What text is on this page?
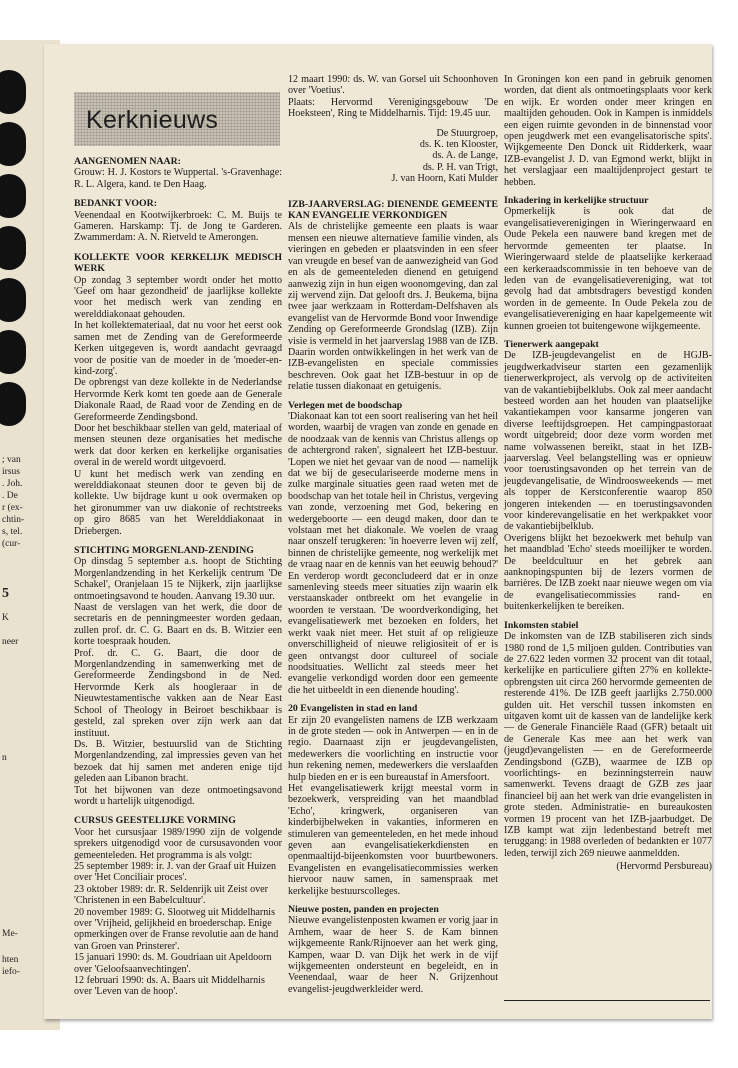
; van
irsus
. Joh.
. De
r (ex-
chtin-
s, tel.
(cur-
5
K
neer
n
Me-
hten
iefo-
Kerknieuws
AANGENOMEN NAAR:

Grouw: H. J. Kostors te Wuppertal. 's-Gravenhage: R. L. Algera, kand. te Den Haag.

BEDANKT VOOR:

Veenendaal en Kootwijkerbroek: C. M. Buijs te Gameren. Harskamp: Tj. de Jong te Garderen. Zwammerdam: A. N. Rietveld te Amerongen.

KOLLEKTE VOOR KERKELIJK MEDISCH WERK

Op zondag 3 september wordt onder het motto 'Geef om haar gezondheid' de jaarlijkse kollekte voor het medisch werk van zending en werelddiakonaat gehouden.

In het kollektemateriaal, dat nu voor het eerst ook samen met de Zending van de Gereformeerde Kerken uitgegeven is, wordt aandacht gevraagd voor de positie van de moeder in de 'moeder-en-kind-zorg'.

De opbrengst van deze kollekte in de Nederlandse Hervormde Kerk komt ten goede aan de Generale Diakonale Raad, de Raad voor de Zending en de Gereformeerde Zendingsbond.

Door het beschikbaar stellen van geld, materiaal of mensen steunen deze organisaties het medische werk dat door kerken en kerkelijke organisaties overal in de wereld wordt uitgevoerd.

U kunt het medisch werk van zending en werelddiakonaat steunen door te geven bij de kollekte. Uw bijdrage kunt u ook overmaken op het gironummer van uw diakonie of rechtstreeks op giro 8685 van het Werelddiakonaat in Driebergen.

STICHTING MORGENLAND-ZENDING

Op dinsdag 5 september a.s. hoopt de Stichting Morgenlandzending in het Kerkelijk centrum 'De Schakel', Oranjelaan 15 te Nijkerk, zijn jaarlijkse ontmoetingsavond te houden. Aanvang 19.30 uur.

Naast de verslagen van het werk, die door de secretaris en de penningmeester worden gedaan, zullen prof. dr. C. G. Baart en ds. B. Witzier een korte toespraak houden.

Prof. dr. C. G. Baart, die door de Morgenlandzending in samenwerking met de Gereformeerde Zendingsbond in de Ned. Hervormde Kerk als hoogleraar in de Nieuwtestamentische vakken aan de Near East School of Theology in Beiroet beschikbaar is gesteld, zal spreken over zijn werk aan dat instituut.

Ds. B. Witzier, bestuurslid van de Stichting Morgenlandzending, zal impressies geven van het bezoek dat hij samen met anderen enige tijd geleden aan Libanon bracht.

Tot het bijwonen van deze ontmoetingsavond wordt u hartelijk uitgenodigd.

CURSUS GEESTELIJKE VORMING

Voor het cursusjaar 1989/1990 zijn de volgende sprekers uitgenodigd voor de cursusavonden voor gemeenteleden. Het programma is als volgt:

25 september 1989: ir. J. van der Graaf uit Huizen over 'Het Conciliair proces'.

23 oktober 1989: dr. R. Seldenrijk uit Zeist over 'Christenen in een Babelcultuur'.

20 november 1989: G. Slootweg uit Middelharnis over 'Vrijheid, gelijkheid en broederschap. Enige opmerkingen over de Franse revolutie aan de hand van Groen van Prinsterer'.

15 januari 1990: ds. M. Goudriaan uit Apeldoorn over 'Geloofsaanvechtingen'.

12 februari 1990: ds. A. Baars uit Middelharnis over 'Leven van de hoop'.

12 maart 1990: ds. W. van Gorsel uit Schoonhoven over 'Voetius'.

Plaats: Hervormd Verenigingsgebouw 'De Hoeksteen', Ring te Middelharnis. Tijd: 19.45 uur.

De Stuurgroep,
ds. K. ten Klooster,
ds. A. de Lange,
ds. P. H. van Trigt,
J. van Hoorn, Kati Mulder
IZB-JAARVERSLAG: DIENENDE GEMEENTE KAN EVANGELIE VERKONDIGEN

Als de christelijke gemeente een plaats is waar mensen een nieuwe alternatieve familie vinden, als vieringen en gebeden er plaatsvinden in een sfeer van vreugde en besef van de aanwezigheid van God en als de gemeenteleden dienend en getuigend aanwezig zijn in hun eigen woonomgeving, dan zal zij wervend zijn. Dat gelooft drs. J. Beukema, bijna twee jaar werkzaam in Rotterdam-Delfshaven als evangelist van de Hervormde Bond voor Inwendige Zending op Gereformeerde Grondslag (IZB). Zijn visie is vermeld in het jaarverslag 1988 van de IZB. Daarin worden ontwikkelingen in het werk van de IZB-evangelisten en speciale commissies beschreven. Ook gaat het IZB-bestuur in op de relatie tussen diakonaat en getuigenis.

Verlegen met de boodschap

'Diakonaat kan tot een soort realisering van het heil worden, waarbij de vragen van zonde en genade en de noodzaak van de kennis van Christus allengs op de achtergrond raken', signaleert het IZB-bestuur. 'Lopen we niet het gevaar van de nood — namelijk dat we bij de geseculariseerde moderne mens in zulke marginale situaties geen raad weten met de boodschap van het totale heil in Christus, vergeving van zonde, verzoening met God, bekering en wedergeboorte — een deugd maken, door dan te volstaan met het diakonale. We voelen de vraag naar onszelf terugkeren: 'in hoeverre leven wij zelf, binnen de christelijke gemeente, nog werkelijk met de vraag naar en de kennis van het eeuwig behoud?' En verderop wordt geconcludeerd dat er in onze samenleving steeds meer situaties zijn waarin elk verstaanskader ontbreekt om het evangelie in woorden te verstaan. 'De woordverkondiging, het evangelisatiewerk met bezoeken en folders, het werkt vaak niet meer. Het stuit af op religieuze onverschilligheid of nieuwe religiositeit of er is geen ontvangst door cultureel of sociale noodsituaties. Wellicht zal steeds meer het evangelie verkondigd worden door een gemeente die het uitbeeldt in een dienende houding'.

20 Evangelisten in stad en land

Er zijn 20 evangelisten namens de IZB werkzaam in de grote steden — ook in Antwerpen — en in de regio. Daarnaast zijn er jeugdevangelisten, medewerkers die voorlichting en instructie voor hun rekening nemen, medewerkers die verslaafden hulp bieden en er is een bureaustaf in Amersfoort.

Het evangelisatiewerk krijgt meestal vorm in bezoekwerk, verspreiding van het maandblad 'Echo', kringwerk, organiseren van kinderbijbelweken in vakanties, informeren en stimuleren van gemeenteleden, en het mede inhoud geven aan evangelisatiekerkdiensten en openmaaltijd-bijeenkomsten voor buurtbewoners. Evangelisten en evangelisatiecommissies werken hiervoor nauw samen, in samenspraak met kerkelijke bestuurscolleges.

Nieuwe posten, panden en projecten

Nieuwe evangelistenposten kwamen er vorig jaar in Arnhem, waar de heer S. de Kam binnen wijkgemeente Rank/Rijnoever aan het werk ging, Kampen, waar D. van Dijk het werk in de vijf wijkgemeenten ondersteunt en begeleidt, en in Veenendaal, waar de heer N. Grijzenhout evangelist-jeugdwerkleider werd.

In Groningen kon een pand in gebruik genomen worden, dat dient als ontmoetingsplaats voor kerk en wijk. Er worden onder meer kringen en maaltijden gehouden. Ook in Kampen is inmiddels een eigen ruimte gevonden in de binnenstad voor open jeugdwerk met een evangelisatorische spits'. Wijkgemeente Den Donck uit Ridderkerk, waar IZB-evangelist J. D. van Egmond werkt, blijkt in het verslagjaar een maaltijdenproject gestart te hebben.

Inkadering in kerkelijke structuur

Opmerkelijk is ook dat de evangelisatieverenigingen in Wieringerwaard en Oude Pekela een nauwere band kregen met de hervormde gemeenten ter plaatse. In Wieringerwaard stelde de plaatselijke kerkeraad een kerkeraadscommissie in ten behoeve van de leden van de evangelisatievereniging, wat tot gevolg had dat ambtsdragers bevestigd konden worden in de gemeente. In Oude Pekela zou de evangelisatievereniging en haar kapelgemeente wit kunnen groeien tot buitengewone wijkgemeente.

Tienerwerk aangepakt

De IZB-jeugdevangelist en de HGJB-jeugdwerkadviseur starten een gezamenlijk tienerwerkproject, als vervolg op de activiteiten van de vakantiebijbelklubs. Ook zal meer aandacht besteed worden aan het houden van plaatselijke vakantiekampen voor kansarme jongeren van diverse leeftijdsgroepen. Het campingpastoraat wordt uitgebreid; door deze vorm worden met name volwassenen bereikt, staat in het IZB-jaarverslag. Veel belangstelling was er opnieuw voor toerustingsavonden op het terrein van de jeugdevangelisatie, de Windroosweekends — met als topper de Kerstconferentie waarop 850 jongeren intekenden — en toerustingsavonden voor kinderevangelisatie en het werkpakket voor de vakantiebijbelklub.

Overigens blijkt het bezoekwerk met behulp van het maandblad 'Echo' steeds moeilijker te worden. De beeldcultuur en het gebrek aan aanknopingspunten bij de lezers vormen de barrières. De IZB zoekt naar nieuwe wegen om via de evangelisatiecommissies rand- en buitenkerkelijken te bereiken.

Inkomsten stabiel

De inkomsten van de IZB stabiliseren zich sinds 1980 rond de 1,5 miljoen gulden. Contributies van de 27.622 leden vormen 32 procent van dit totaal, kerkelijke en particuliere giften 27% en kollekte-opbrengsten uit circa 260 hervormde gemeenten de resterende 41%. De IZB geeft jaarlijks 2.750.000 gulden uit. Het verschil tussen inkomsten en uitgaven komt uit de kassen van de landelijke kerk — de Generale Financiële Raad (GFR) betaalt uit de Generale Kas mee aan het werk van (jeugd)evangelisten — en de Gereformeerde Zendingsbond (GZB), waarmee de IZB op voorlichtings- en bezinningsterrein nauw samenwerkt. Tevens draagt de GZB zes jaar financieel bij aan het werk van drie evangelisten in grote steden. Administratie- en bureaukosten vormen 19 procent van het IZB-jaarbudget. De IZB kampt wat zijn ledenbestand betreft met teruggang: in 1988 overleden of bedankten er 1077 leden, terwijl zich 269 nieuwe aanmeldden.

(Hervormd Persbureau)
